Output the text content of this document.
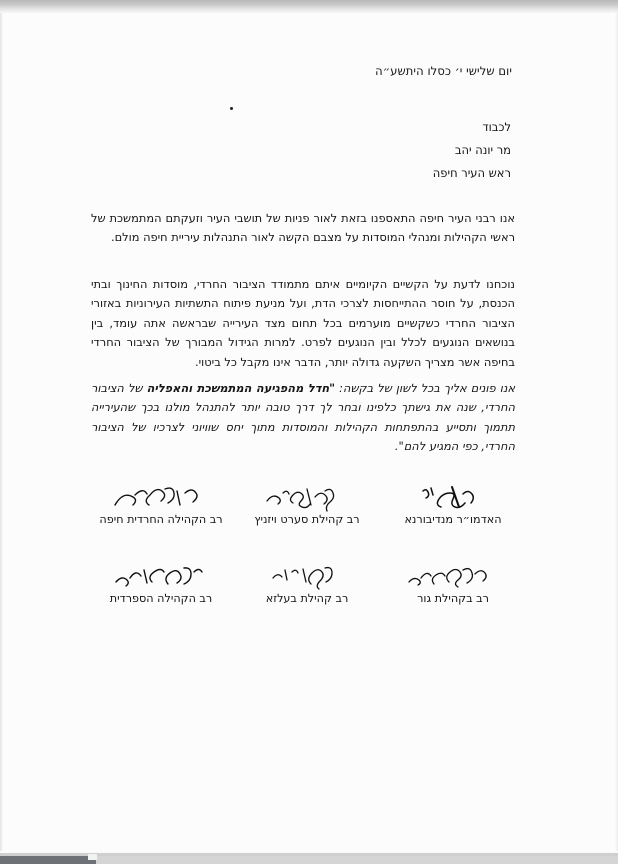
יום שלישי י׳ כסלו היתשע״ה
לכבוד
מר יונה יהב
ראש העיר חיפה

אנו רבני העיר חיפה התאספנו בזאת לאור פניות של תושבי העיר וזעקתם המתמשכת של ראשי הקהילות ומנהלי המוסדות על מצבם הקשה לאור התנהלות עיריית חיפה מולם.

נוכחנו לדעת על הקשיים הקיומיים איתם מתמודד הציבור החרדי, מוסדות החינוך ובתי הכנסת, על חוסר ההתייחסות לצרכי הדת, ועל מניעת פיתוח התשתיות העירוניות באזורי הציבור החרדי כשקשיים מוערמים בכל תחום מצד העירייה שבראשה אתה עומד, בין בנושאים הנוגעים לכלל ובין הנוגעים לפרט. למרות הגידול המבורך של הציבור החרדי בחיפה אשר מצריך השקעה גדולה יותר, הדבר אינו מקבל כל ביטוי.

אנו פונים אליך בכל לשון של בקשה: "חדל מהפגיעה המתמשכת והאפליה של הציבור החרדי, שנה את גישתך כלפינו ובחר לך דרך טובה יותר להתנהל מולנו בכך שהעירייה תתמוך ותסייע בהתפתחות הקהילות והמוסדות מתוך יחס שוויוני לצרכיו של הציבור החרדי, כפי המגיע להם".

האדמו״ר מנדיבורנא
רב קהילת סערט ויזניץ
רב הקהילה החרדית חיפה
רב בקהילת גור
רב קהילת בעלזא
רב הקהילה הספרדית
